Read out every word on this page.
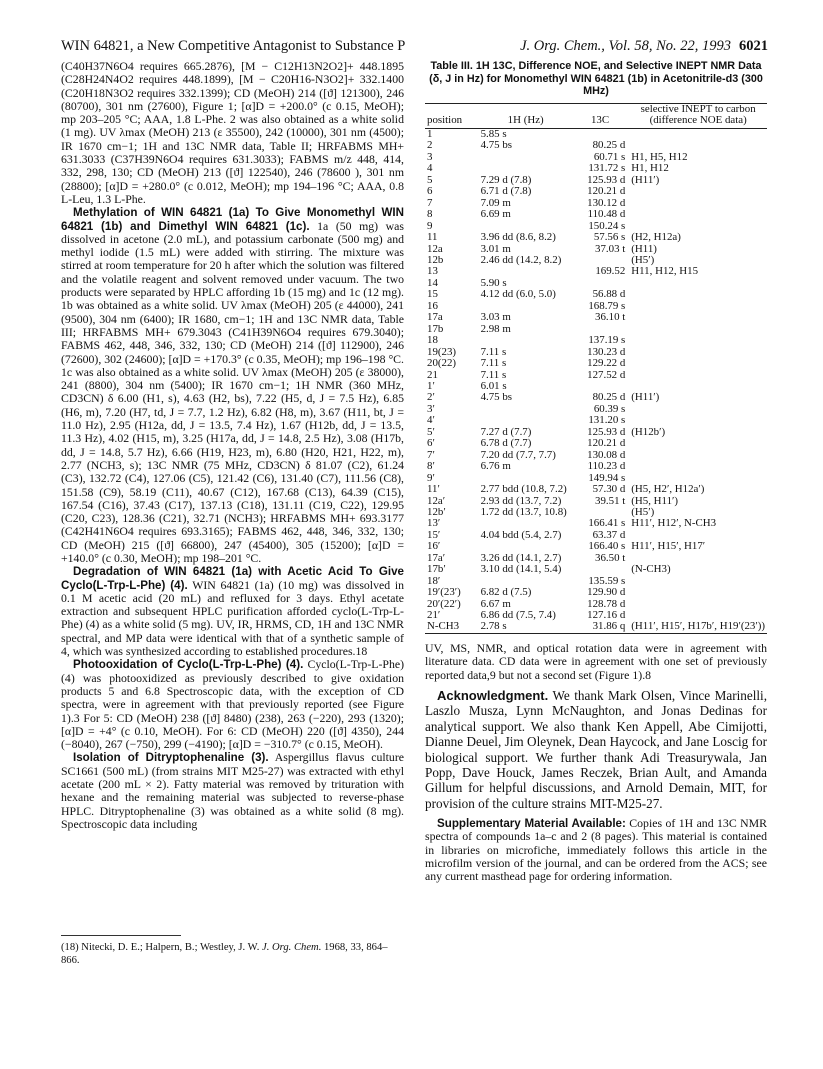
WIN 64821, a New Competitive Antagonist to Substance P	J. Org. Chem., Vol. 58, No. 22, 1993 6021

(C40H37N6O4 requires 665.2876), [M − C12H13N2O2]+ 448.1895 (C28H24N4O2 requires 448.1899), [M − C20H16-N3O2]+ 332.1400 (C20H18N3O2 requires 332.1399); CD (MeOH) 214 ([ϑ] 121300), 246 (80700), 301 nm (27600), Figure 1; [α]D = +200.0° (c 0.15, MeOH); mp 203–205 °C; AAA, 1.8 L-Phe. 2 was also obtained as a white solid (1 mg). UV λmax (MeOH) 213 (ε 35500), 242 (10000), 301 nm (4500); IR 1670 cm−1; 1H and 13C NMR data, Table II; HRFABMS MH+ 631.3033 (C37H39N6O4 requires 631.3033); FABMS m/z 448, 414, 332, 298, 130; CD (MeOH) 213 ([ϑ] 122540), 246 (78600 ), 301 nm (28800); [α]D = +280.0° (c 0.012, MeOH); mp 194–196 °C; AAA, 0.8 L-Leu, 1.3 L-Phe.

Methylation of WIN 64821 (1a) To Give Monomethyl WIN 64821 (1b) and Dimethyl WIN 64821 (1c). 1a (50 mg) was dissolved in acetone (2.0 mL), and potassium carbonate (500 mg) and methyl iodide (1.5 mL) were added with stirring. The mixture was stirred at room temperature for 20 h after which the solution was filtered and the volatile reagent and solvent removed under vacuum. The two products were separated by HPLC affording 1b (15 mg) and 1c (12 mg). 1b was obtained as a white solid. UV λmax (MeOH) 205 (ε 44000), 241 (9500), 304 nm (6400); IR 1680, cm−1; 1H and 13C NMR data, Table III; HRFABMS MH+ 679.3043 (C41H39N6O4 requires 679.3040); FABMS 462, 448, 346, 332, 130; CD (MeOH) 214 ([ϑ] 112900), 246 (72600), 302 (24600); [α]D = +170.3° (c 0.35, MeOH); mp 196–198 °C. 1c was also obtained as a white solid. UV λmax (MeOH) 205 (ε 38000), 241 (8800), 304 nm (5400); IR 1670 cm−1; 1H NMR (360 MHz, CD3CN) δ 6.00 (H1, s), 4.63 (H2, bs), 7.22 (H5, d, J = 7.5 Hz), 6.85 (H6, m), 7.20 (H7, td, J = 7.7, 1.2 Hz), 6.82 (H8, m), 3.67 (H11, bt, J = 11.0 Hz), 2.95 (H12a, dd, J = 13.5, 7.4 Hz), 1.67 (H12b, dd, J = 13.5, 11.3 Hz), 4.02 (H15, m), 3.25 (H17a, dd, J = 14.8, 2.5 Hz), 3.08 (H17b, dd, J = 14.8, 5.7 Hz), 6.66 (H19, H23, m), 6.80 (H20, H21, H22, m), 2.77 (NCH3, s); 13C NMR (75 MHz, CD3CN) δ 81.07 (C2), 61.24 (C3), 132.72 (C4), 127.06 (C5), 121.42 (C6), 131.40 (C7), 111.56 (C8), 151.58 (C9), 58.19 (C11), 40.67 (C12), 167.68 (C13), 64.39 (C15), 167.54 (C16), 37.43 (C17), 137.13 (C18), 131.11 (C19, C22), 129.95 (C20, C23), 128.36 (C21), 32.71 (NCH3); HRFABMS MH+ 693.3177 (C42H41N6O4 requires 693.3165); FABMS 462, 448, 346, 332, 130; CD (MeOH) 215 ([ϑ] 66800), 247 (45400), 305 (15200); [α]D = +140.0° (c 0.30, MeOH); mp 198–201 °C.

Degradation of WIN 64821 (1a) with Acetic Acid To Give Cyclo(L-Trp-L-Phe) (4). WIN 64821 (1a) (10 mg) was dissolved in 0.1 M acetic acid (20 mL) and refluxed for 3 days. Ethyl acetate extraction and subsequent HPLC purification afforded cyclo(L-Trp-L-Phe) (4) as a white solid (5 mg). UV, IR, HRMS, CD, 1H and 13C NMR spectral, and MP data were identical with that of a synthetic sample of 4, which was synthesized according to established procedures.18

Photooxidation of Cyclo(L-Trp-L-Phe) (4). Cyclo(L-Trp-L-Phe)(4) was photooxidized as previously described to give oxidation products 5 and 6.8 Spectroscopic data, with the exception of CD spectra, were in agreement with that previously reported (see Figure 1).3 For 5: CD (MeOH) 238 ([ϑ] 8480) (238), 263 (−220), 293 (1320); [α]D = +4° (c 0.10, MeOH). For 6: CD (MeOH) 220 ([ϑ] 4350), 244 (−8040), 267 (−750), 299 (−4190); [α]D = −310.7° (c 0.15, MeOH).

Isolation of Ditryptophenaline (3). Aspergillus flavus culture SC1661 (500 mL) (from strains MIT M25-27) was extracted with ethyl acetate (200 mL × 2). Fatty material was removed by trituration with hexane and the remaining material was subjected to reverse-phase HPLC. Ditryptophenaline (3) was obtained as a white solid (8 mg). Spectroscopic data including

(18) Nitecki, D. E.; Halpern, B.; Westley, J. W. J. Org. Chem. 1968, 33, 864–866.
Table III. 1H 13C, Difference NOE, and Selective INEPT NMR Data (δ, J in Hz) for Monomethyl WIN 64821 (1b) in Acetonitrile-d3 (300 MHz)
position	1H (Hz)	13C	selective INEPT to carbon (difference NOE data)
1	5.85 s		
2	4.75 bs	80.25 d	
3		60.71 s	H1, H5, H12
4		131.72 s	H1, H12
5	7.29 d (7.8)	125.93 d	(H11′)
6	6.71 d (7.8)	120.21 d	
7	7.09 m	130.12 d	
8	6.69 m	110.48 d	
9		150.24 s	
11	3.96 dd (8.6, 8.2)	57.56 s	(H2, H12a)
12a	3.01 m	37.03 t	(H11)
12b	2.46 dd (14.2, 8.2)		(H5′)
13		169.52	H11, H12, H15
14	5.90 s		
15	4.12 dd (6.0, 5.0)	56.88 d	
16		168.79 s	
17a	3.03 m	36.10 t	
17b	2.98 m		
18		137.19 s	
19(23)	7.11 s	130.23 d	
20(22)	7.11 s	129.22 d	
21	7.11 s	127.52 d	
1′	6.01 s		
2′	4.75 bs	80.25 d	(H11′)
3′		60.39 s	
4′		131.20 s	
5′	7.27 d (7.7)	125.93 d	(H12b′)
6′	6.78 d (7.7)	120.21 d	
7′	7.20 dd (7.7, 7.7)	130.08 d	
8′	6.76 m	110.23 d	
9′		149.94 s	
11′	2.77 bdd (10.8, 7.2)	57.30 d	(H5, H2′, H12a′)
12a′	2.93 dd (13.7, 7.2)	39.51 t	(H5, H11′)
12b′	1.72 dd (13.7, 10.8)		(H5′)
13′		166.41 s	H11′, H12′, N-CH3
15′	4.04 bdd (5.4, 2.7)	63.37 d	
16′		166.40 s	H11′, H15′, H17′
17a′	3.26 dd (14.1, 2.7)	36.50 t	
17b′	3.10 dd (14.1, 5.4)		(N-CH3)
18′		135.59 s	
19′(23′)	6.82 d (7.5)	129.90 d	
20′(22′)	6.67 m	128.78 d	
21′	6.86 dd (7.5, 7.4)	127.16 d	
N-CH3	2.78 s	31.86 q	(H11′, H15′, H17b′, H19′(23′))

UV, MS, NMR, and optical rotation data were in agreement with literature data. CD data were in agreement with one set of previously reported data,9 but not a second set (Figure 1).8

Acknowledgment. We thank Mark Olsen, Vince Marinelli, Laszlo Musza, Lynn McNaughton, and Jonas Dedinas for analytical support. We also thank Ken Appell, Abe Cimijotti, Dianne Deuel, Jim Oleynek, Dean Haycock, and Jane Loscig for biological support. We further thank Adi Treasurywala, Jan Popp, Dave Houck, James Reczek, Brian Ault, and Amanda Gillum for helpful discussions, and Arnold Demain, MIT, for provision of the culture strains MIT-M25-27.

Supplementary Material Available: Copies of 1H and 13C NMR spectra of compounds 1a–c and 2 (8 pages). This material is contained in libraries on microfiche, immediately follows this article in the microfilm version of the journal, and can be ordered from the ACS; see any current masthead page for ordering information.
